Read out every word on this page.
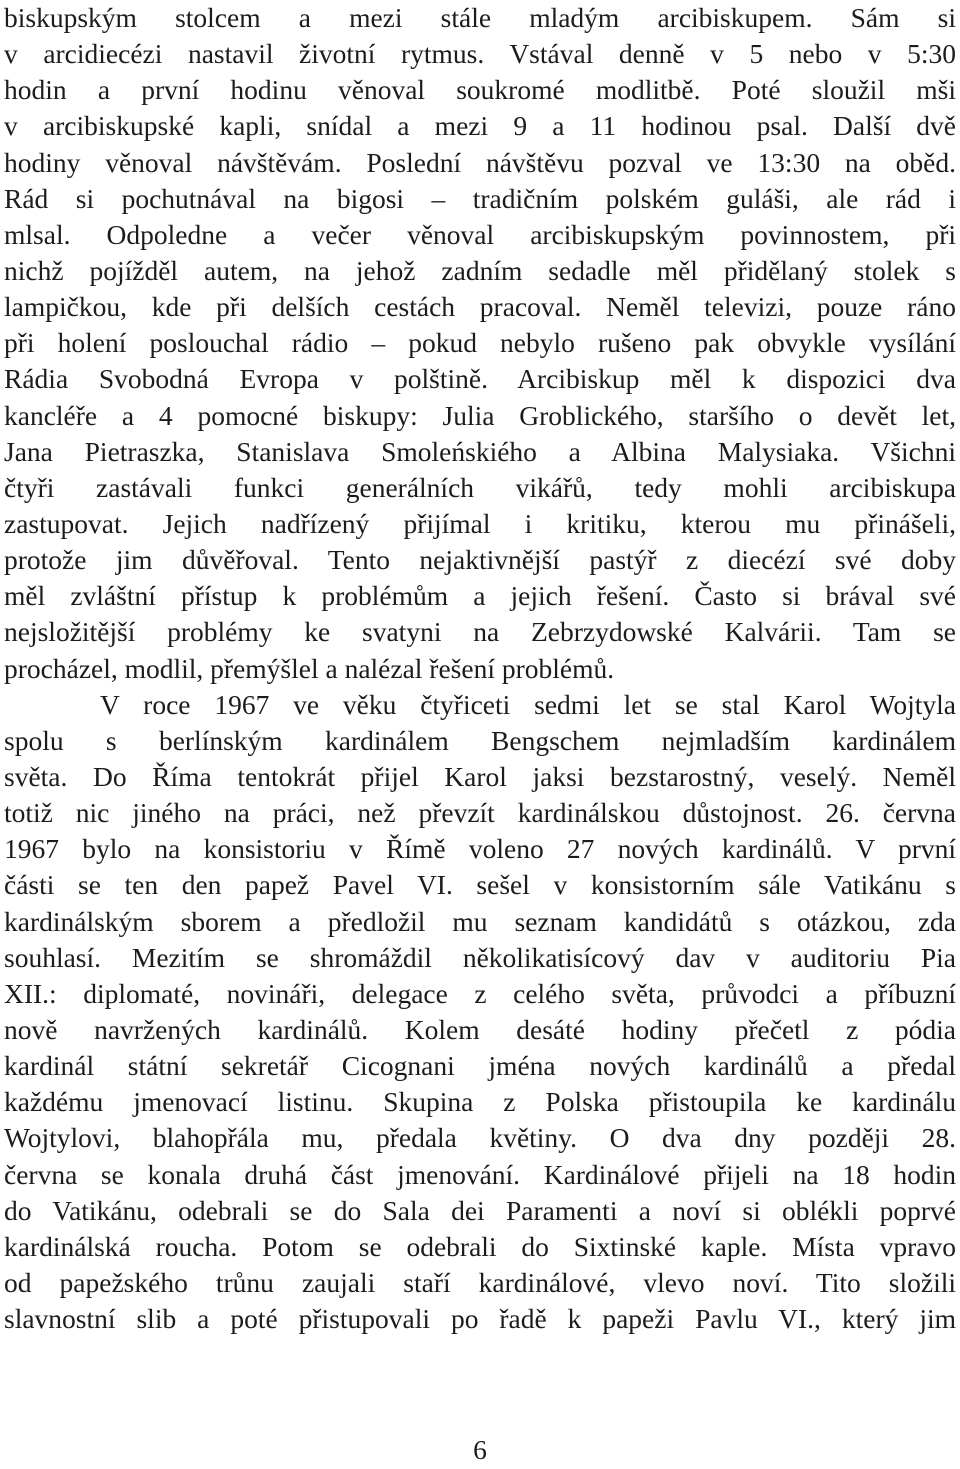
biskupským stolcem a mezi stále mladým arcibiskupem. Sám si
v arcidiecézi nastavil životní rytmus. Vstával denně v 5 nebo v 5:30
hodin a první hodinu věnoval soukromé modlitbě. Poté sloužil mši
v arcibiskupské kapli, snídal a mezi 9 a 11 hodinou psal. Další dvě
hodiny věnoval návštěvám. Poslední návštěvu pozval ve 13:30 na oběd.
Rád si pochutnával na bigosi – tradičním polském guláši, ale rád i
mlsal. Odpoledne a večer věnoval arcibiskupským povinnostem, při
nichž pojížděl autem, na jehož zadním sedadle měl přidělaný stolek s
lampičkou, kde při delších cestách pracoval. Neměl televizi, pouze ráno
při holení poslouchal rádio – pokud nebylo rušeno pak obvykle vysílání
Rádia Svobodná Evropa v polštině. Arcibiskup měl k dispozici dva
kancléře a 4 pomocné biskupy: Julia Groblického, staršího o devět let,
Jana Pietraszka, Stanislava Smoleńskiého a Albina Malysiaka. Všichni
čtyři zastávali funkci generálních vikářů, tedy mohli arcibiskupa
zastupovat. Jejich nadřízený přijímal i kritiku, kterou mu přinášeli,
protože jim důvěřoval. Tento nejaktivnější pastýř z diecézí své doby
měl zvláštní přístup k problémům a jejich řešení. Často si brával své
nejsložitější problémy ke svatyni na Zebrzydowské Kalvárii. Tam se
procházel, modlil, přemýšlel a nalézal řešení problémů.
V roce 1967 ve věku čtyřiceti sedmi let se stal Karol Wojtyla
spolu s berlínským kardinálem Bengschem nejmladším kardinálem
světa. Do Říma tentokrát přijel Karol jaksi bezstarostný, veselý. Neměl
totiž nic jiného na práci, než převzít kardinálskou důstojnost. 26. června
1967 bylo na konsistoriu v Římě voleno 27 nových kardinálů. V první
části se ten den papež Pavel VI. sešel v konsistorním sále Vatikánu s
kardinálským sborem a předložil mu seznam kandidátů s otázkou, zda
souhlasí. Mezitím se shromáždil několikatisícový dav v auditoriu Pia
XII.: diplomaté, novináři, delegace z celého světa, průvodci a příbuzní
nově navržených kardinálů. Kolem desáté hodiny přečetl z pódia
kardinál státní sekretář Cicognani jména nových kardinálů a předal
každému jmenovací listinu. Skupina z Polska přistoupila ke kardinálu
Wojtylovi, blahopřála mu, předala květiny. O dva dny později 28.
června se konala druhá část jmenování. Kardinálové přijeli na 18 hodin
do Vatikánu, odebrali se do Sala dei Paramenti a noví si oblékli poprvé
kardinálská roucha. Potom se odebrali do Sixtinské kaple. Místa vpravo
od papežského trůnu zaujali staří kardinálové, vlevo noví. Tito složili
slavnostní slib a poté přistupovali po řadě k papeži Pavlu VI., který jim
6
